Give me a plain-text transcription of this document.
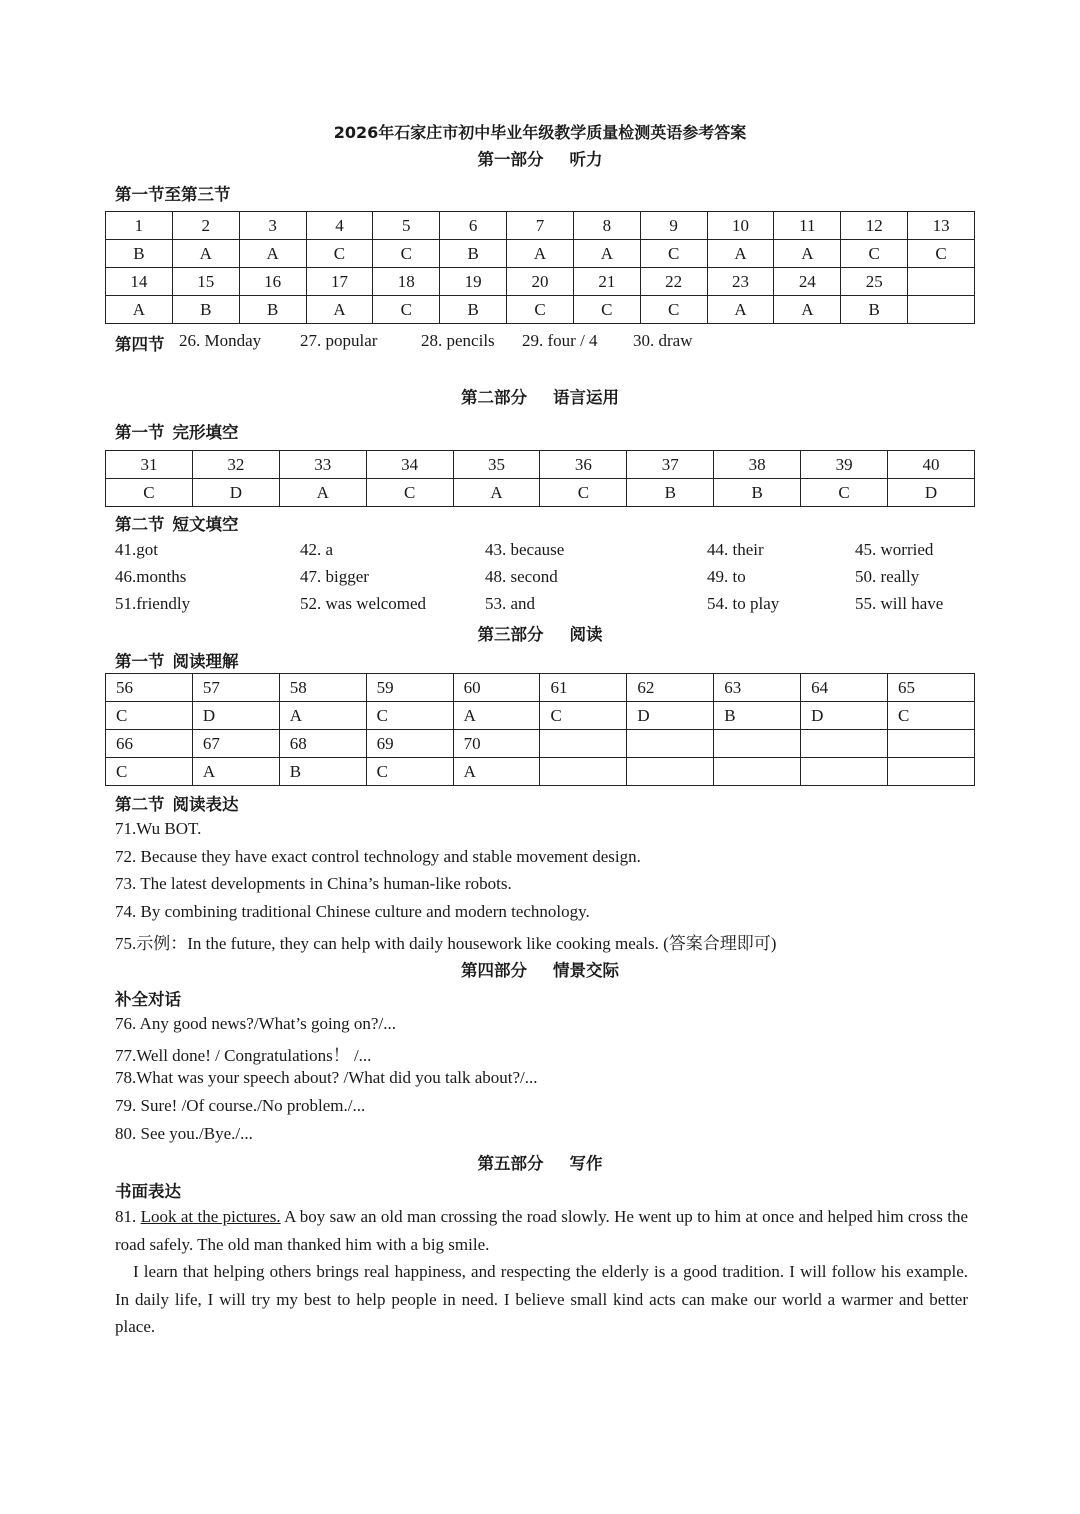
2026年石家庄市初中毕业年级教学质量检测英语参考答案
第一部分 听力
第一节至第三节
1	2	3	4	5	6	7	8	9	10	11	12	13
B	A	A	C	C	B	A	A	C	A	A	C	C
14	15	16	17	18	19	20	21	22	23	24	25	
A	B	B	A	C	B	C	C	C	A	A	B	
第四节 26. Monday 27. popular	28. pencils 29. four / 4 30. draw
第二部分 语言运用
第一节 完形填空
31	32	33	34	35	36	37	38	39	40
C	D	A	C	A	C	B	B	C	D
第二节 短文填空
41.got	42. a	43. because	44. their	45. worried
46.months	47. bigger	48. second	49. to	50. really
51.friendly	52. was welcomed	53. and	54. to play	55. will have
第三部分 阅读
第一节 阅读理解
56	57	58	59	60	61	62	63	64	65
C	D	A	C	A	C	D	B	D	C
66	67	68	69	70					
C	A	B	C	A					
第二节 阅读表达
71.Wu BOT.
72. Because they have exact control technology and stable movement design.
73. The latest developments in China’s human-like robots.
74. By combining traditional Chinese culture and modern technology.
75.示例：In the future, they can help with daily housework like cooking meals. (答案合理即可)
第四部分 情景交际
补全对话
76. Any good news?/What’s going on?/...
77.Well done! / Congratulations！ /...
78.What was your speech about? /What did you talk about?/...
79. Sure! /Of course./No problem./...
80. See you./Bye./...
第五部分 写作
书面表达
81. Look at the pictures. A boy saw an old man crossing the road slowly. He went up to him at once and helped him cross the road safely. The old man thanked him with a big smile.
I learn that helping others brings real happiness, and respecting the elderly is a good tradition. I will follow his example. In daily life, I will try my best to help people in need. I believe small kind acts can make our world a warmer and better place.
